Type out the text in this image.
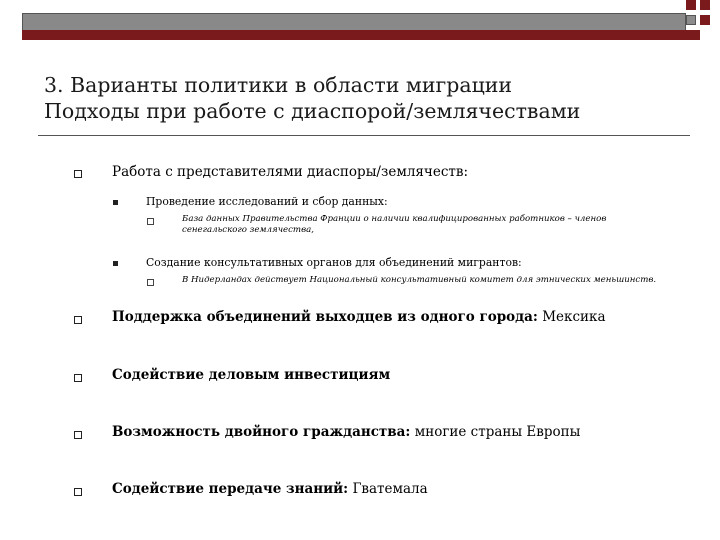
3. Варианты политики в области миграции
Подходы при работе с диаспорой/землячествами
Работа с представителями диаспоры/землячеств:
Проведение исследований и сбор данных:
База данных Правительства Франции о наличии квалифицированных работников – членов сенегальского землячества,
Создание консультативных органов для объединений мигрантов:
В Нидерландах действует Национальный консультативный комитет для этнических меньшинств.
Поддержка объединений выходцев из одного города: Мексика
Содействие деловым инвестициям
Возможность двойного гражданства: многие страны Европы
Содействие передаче знаний: Гватемала
